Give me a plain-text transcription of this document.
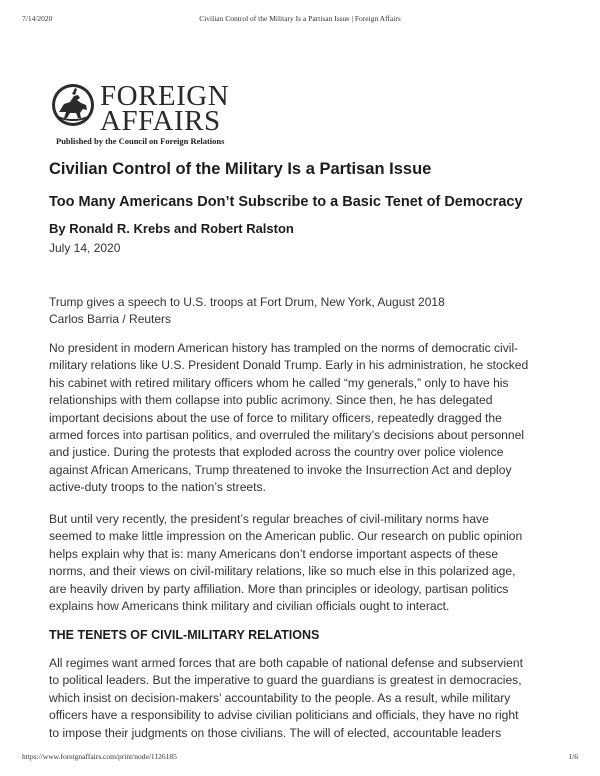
7/14/2020	Civilian Control of the Military Is a Partisan Issue | Foreign Affairs
FOREIGN
AFFAIRS
Published by the Council on Foreign Relations
Civilian Control of the Military Is a Partisan Issue
Too Many Americans Don’t Subscribe to a Basic Tenet of Democracy

By Ronald R. Krebs and Robert Ralston

July 14, 2020

Trump gives a speech to U.S. troops at Fort Drum, New York, August 2018
Carlos Barria / Reuters
No president in modern American history has trampled on the norms of democratic civil-
military relations like U.S. President Donald Trump. Early in his administration, he stocked
his cabinet with retired military officers whom he called “my generals,” only to have his
relationships with them collapse into public acrimony. Since then, he has delegated
important decisions about the use of force to military officers, repeatedly dragged the
armed forces into partisan politics, and overruled the military’s decisions about personnel
and justice. During the protests that exploded across the country over police violence
against African Americans, Trump threatened to invoke the Insurrection Act and deploy
active-duty troops to the nation’s streets.
But until very recently, the president’s regular breaches of civil-military norms have
seemed to make little impression on the American public. Our research on public opinion
helps explain why that is: many Americans don’t endorse important aspects of these
norms, and their views on civil-military relations, like so much else in this polarized age,
are heavily driven by party affiliation. More than principles or ideology, partisan politics
explains how Americans think military and civilian officials ought to interact.
THE TENETS OF CIVIL-MILITARY RELATIONS
All regimes want armed forces that are both capable of national defense and subservient
to political leaders. But the imperative to guard the guardians is greatest in democracies,
which insist on decision-makers’ accountability to the people. As a result, while military
officers have a responsibility to advise civilian politicians and officials, they have no right
to impose their judgments on those civilians. The will of elected, accountable leaders
https://www.foreignaffairs.com/print/node/1126185	1/6
